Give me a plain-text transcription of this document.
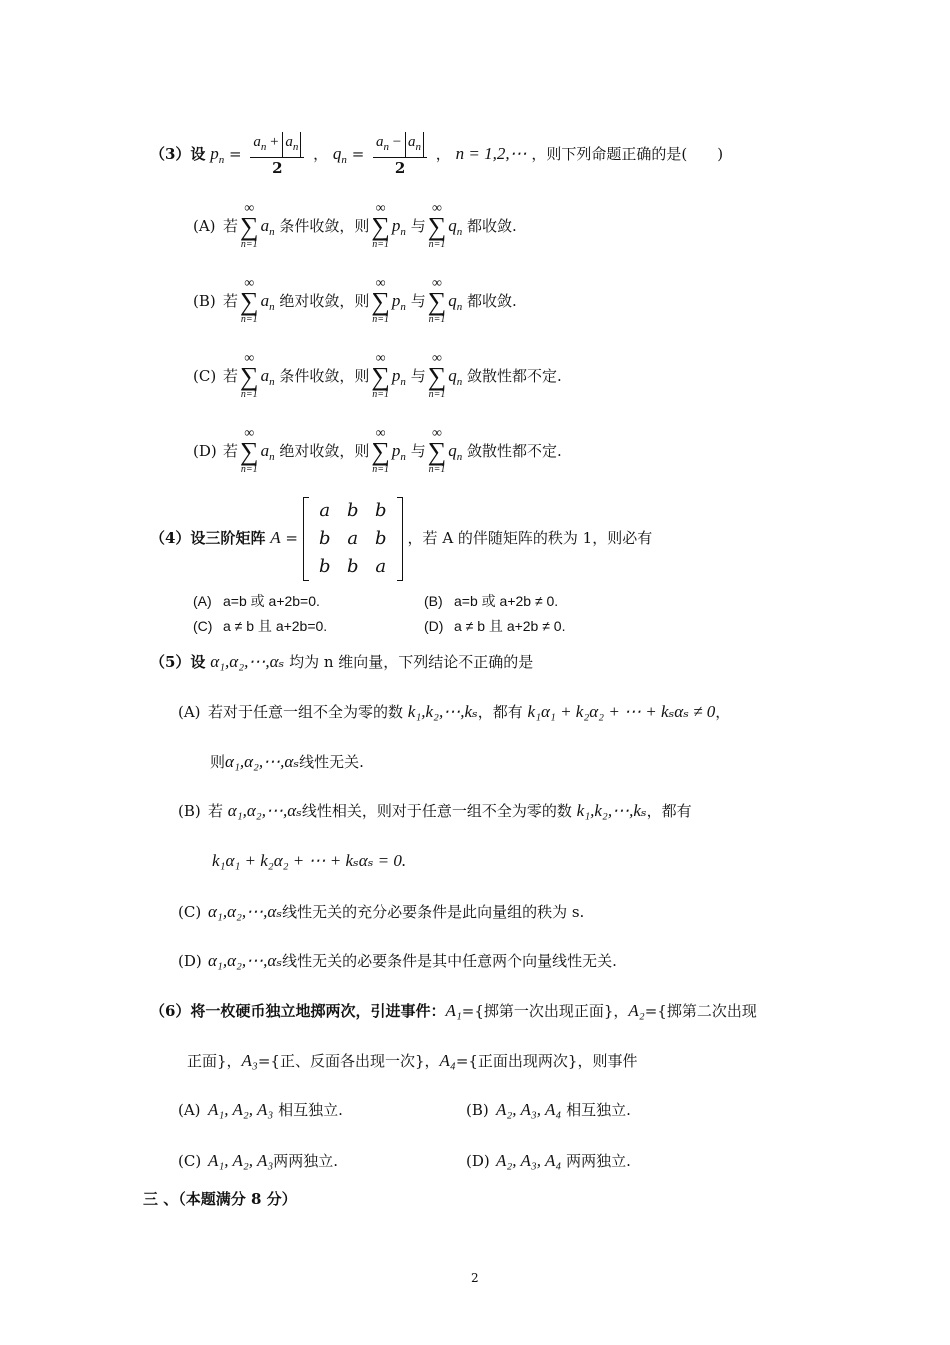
（3）设 $p_n = \frac{a_n + a_n}{2}$ ， $q_n = \frac{a_n - a_n}{2}$ ， n = 1,2,⋯ ，则下列命题正确的是(　　)
(A) 若
∞
∑
n=1
$a_n$ 条件收敛，则
∞
∑
n=1
$p_n$ 与
∞
∑
n=1
$q_n$ 都收敛.
(B) 若
∞
∑
n=1
$a_n$ 绝对收敛，则
∞
∑
n=1
$p_n$ 与
∞
∑
n=1
$q_n$ 都收敛.
(C) 若
∞
∑
n=1
$a_n$ 条件收敛，则
∞
∑
n=1
$p_n$ 与
∞
∑
n=1
$q_n$ 敛散性都不定.
(D) 若
∞
∑
n=1
$a_n$ 绝对收敛，则
∞
∑
n=1
$p_n$ 与
∞
∑
n=1
$q_n$ 敛散性都不定.
（4）设三阶矩阵 A =
a	b	b
b	a	b
b	b	a
，若 A 的伴随矩阵的秩为 1，则必有
(A) a=b 或 a+2b=0.	(B) a=b 或 a+2b ≠ 0.
(C) a ≠ b 且 a+2b=0.	(D) a ≠ b 且 a+2b ≠ 0.
（5）设 α₁,α₂,⋯,αₛ 均为 n 维向量，下列结论不正确的是
(A) 若对于任意一组不全为零的数 k₁,k₂,⋯,kₛ，都有 k₁α₁ + k₂α₂ + ⋯ + kₛαₛ ≠ 0，
则α₁,α₂,⋯,αₛ线性无关.
(B) 若 α₁,α₂,⋯,αₛ线性相关，则对于任意一组不全为零的数 k₁,k₂,⋯,kₛ，都有
k₁α₁ + k₂α₂ + ⋯ + kₛαₛ = 0.
(C) α₁,α₂,⋯,αₛ线性无关的充分必要条件是此向量组的秩为 s.
(D) α₁,α₂,⋯,αₛ线性无关的必要条件是其中任意两个向量线性无关.
（6）将一枚硬币独立地掷两次，引进事件：A₁={掷第一次出现正面}，A₂={掷第二次出现
正面}，A₃={正、反面各出现一次}，A₄={正面出现两次}，则事件
(A) A₁, A₂, A₃ 相互独立.	(B) A₂, A₃, A₄ 相互独立.
(C) A₁, A₂, A₃两两独立.	(D) A₂, A₃, A₄ 两两独立.
三 、（本题满分 8 分）
2
